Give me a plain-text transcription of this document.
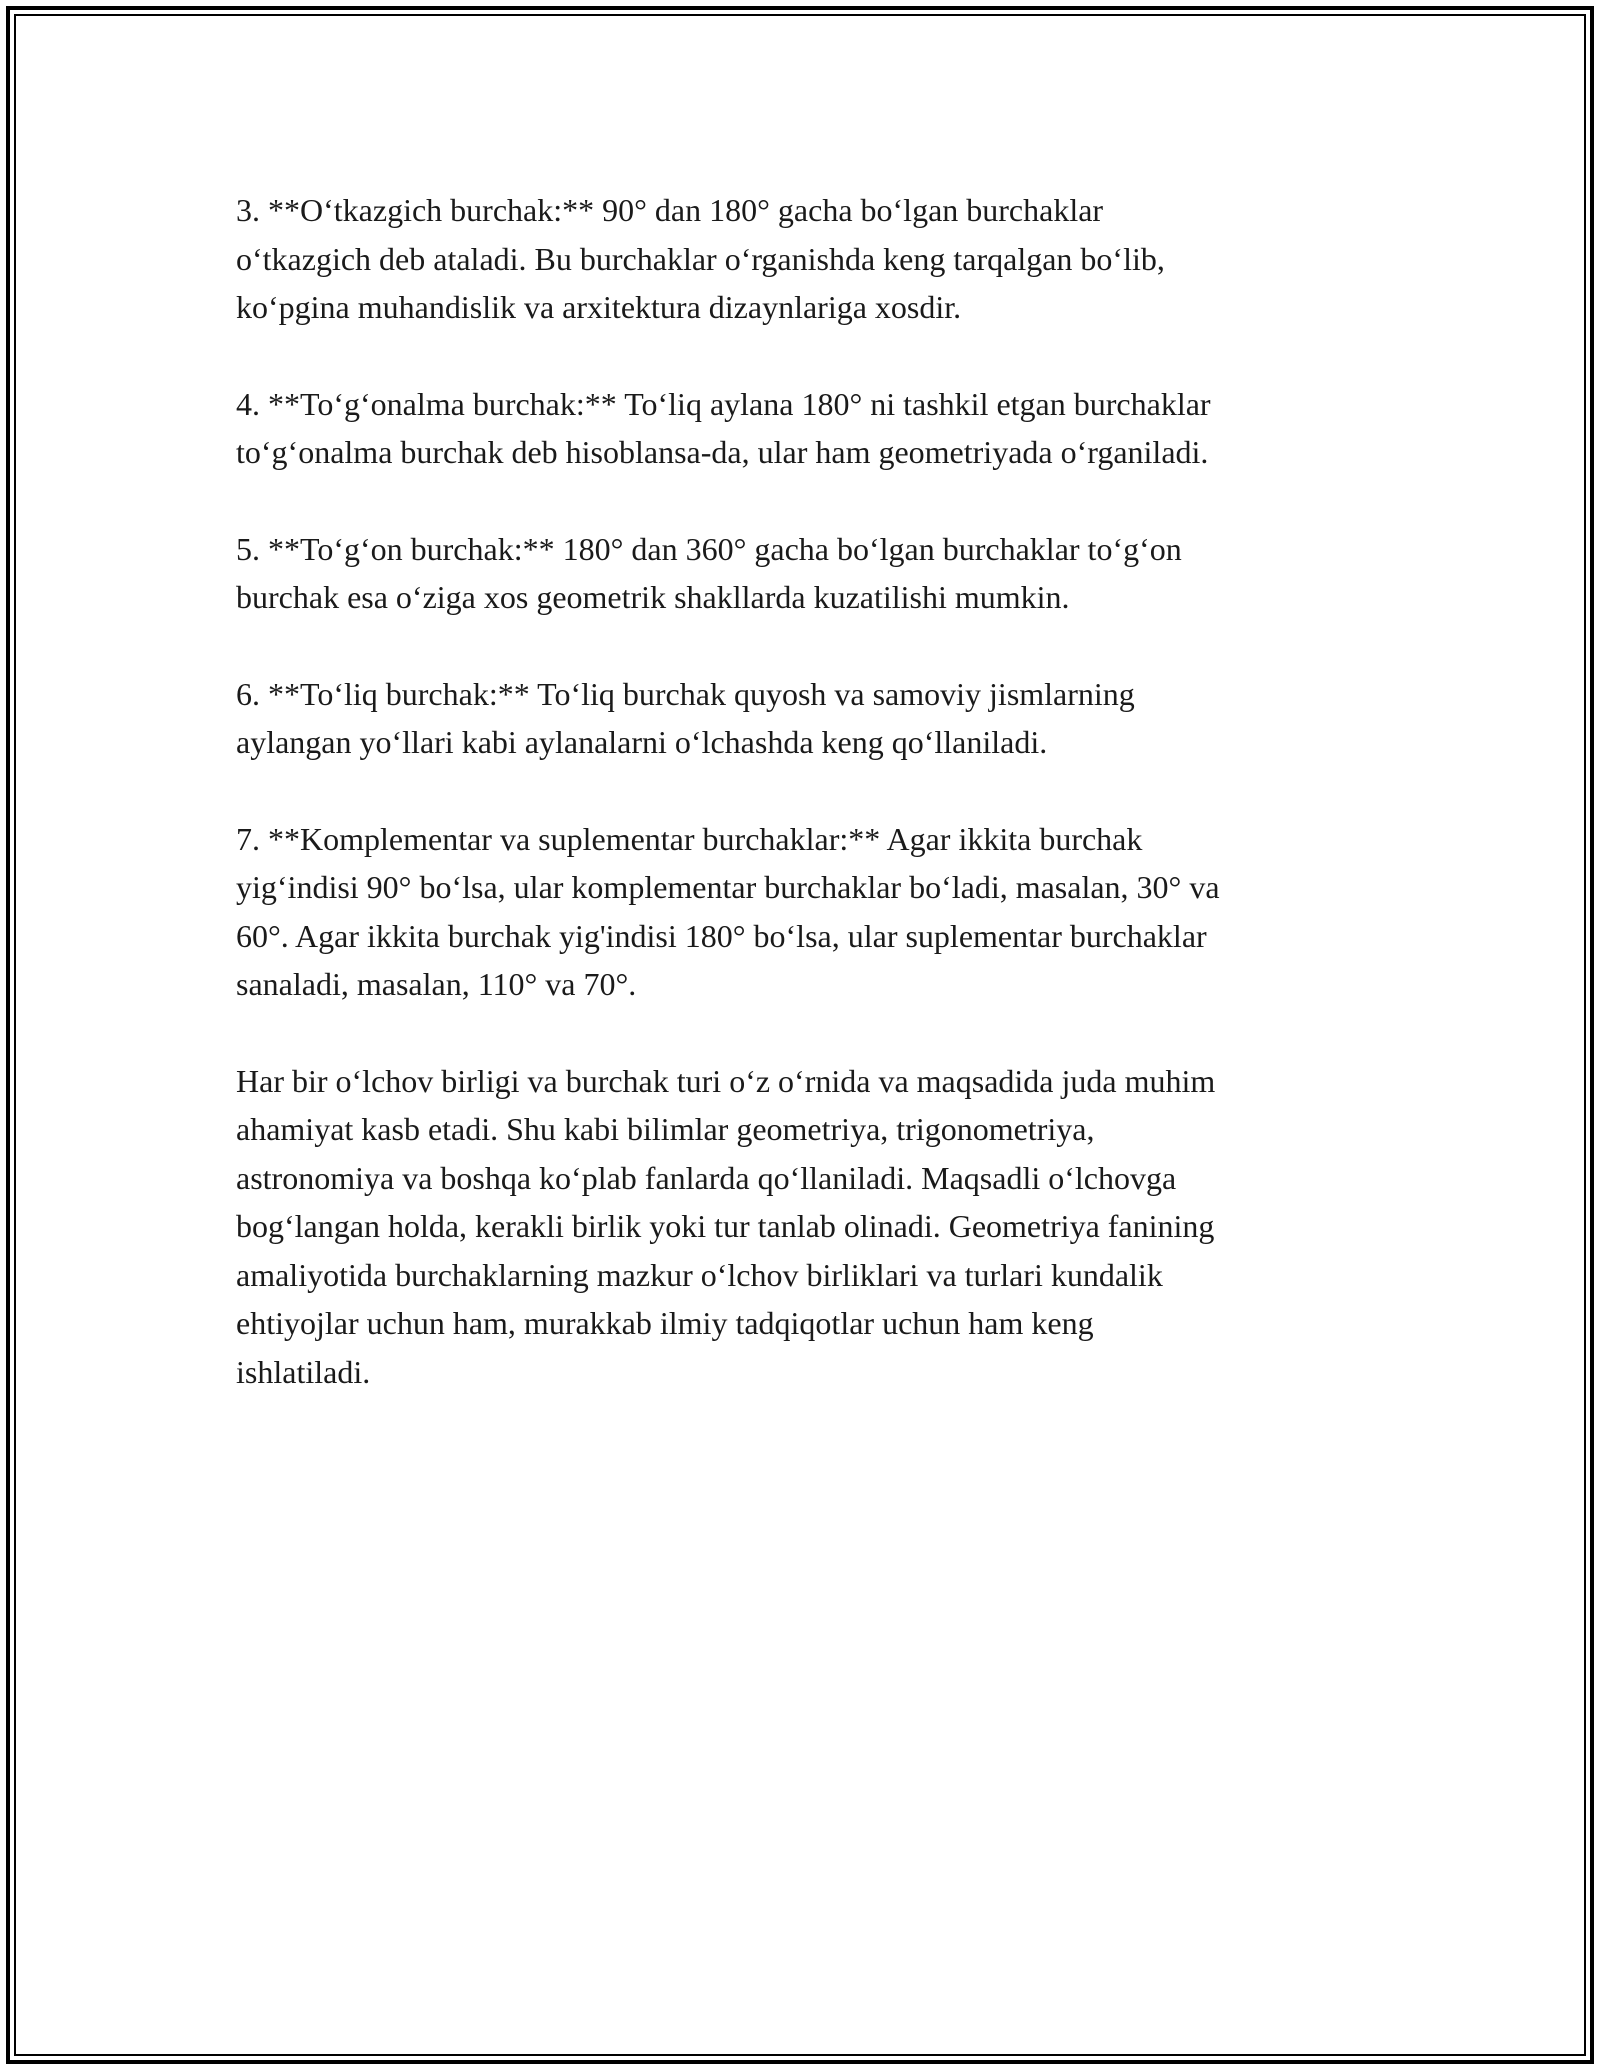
3. **O‘tkazgich burchak:** 90° dan 180° gacha bo‘lgan burchaklar
o‘tkazgich deb ataladi. Bu burchaklar o‘rganishda keng tarqalgan bo‘lib,
ko‘pgina muhandislik va arxitektura dizaynlariga xosdir.

4. **To‘g‘onalma burchak:** To‘liq aylana 180° ni tashkil etgan burchaklar
to‘g‘onalma burchak deb hisoblansa-da, ular ham geometriyada o‘rganiladi.

5. **To‘g‘on burchak:** 180° dan 360° gacha bo‘lgan burchaklar to‘g‘on
burchak esa o‘ziga xos geometrik shakllarda kuzatilishi mumkin.

6. **To‘liq burchak:** To‘liq burchak quyosh va samoviy jismlarning
aylangan yo‘llari kabi aylanalarni o‘lchashda keng qo‘llaniladi.

7. **Komplementar va suplementar burchaklar:** Agar ikkita burchak
yig‘indisi 90° bo‘lsa, ular komplementar burchaklar bo‘ladi, masalan, 30° va
60°. Agar ikkita burchak yig'indisi 180° bo‘lsa, ular suplementar burchaklar
sanaladi, masalan, 110° va 70°.

Har bir o‘lchov birligi va burchak turi o‘z o‘rnida va maqsadida juda muhim
ahamiyat kasb etadi. Shu kabi bilimlar geometriya, trigonometriya,
astronomiya va boshqa ko‘plab fanlarda qo‘llaniladi. Maqsadli o‘lchovga
bog‘langan holda, kerakli birlik yoki tur tanlab olinadi. Geometriya fanining
amaliyotida burchaklarning mazkur o‘lchov birliklari va turlari kundalik
ehtiyojlar uchun ham, murakkab ilmiy tadqiqotlar uchun ham keng
ishlatiladi.
